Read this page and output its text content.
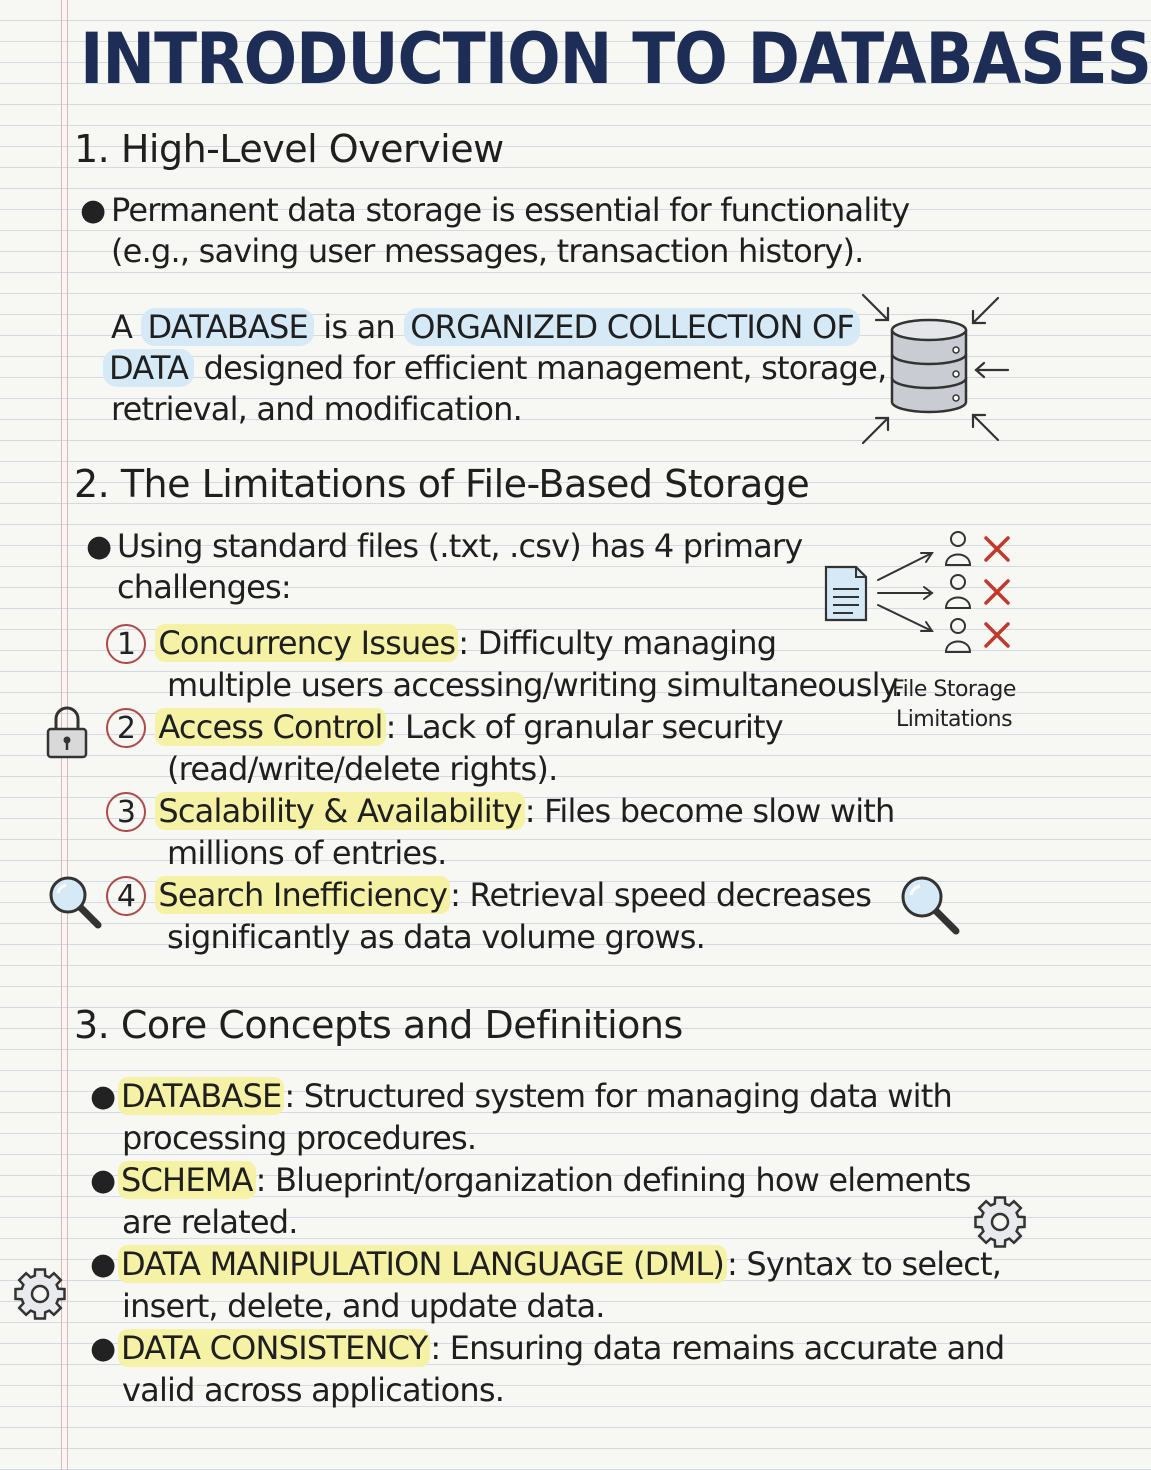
INTRODUCTION TO DATABASES
1. High-Level Overview
● Permanent data storage is essential for functionality
(e.g., saving user messages, transaction history).
A DATABASE is an ORGANIZED COLLECTION OF
DATA designed for efficient management, storage,
retrieval, and modification.
2. The Limitations of File-Based Storage
● Using standard files (.txt, .csv) has 4 primary
challenges:
File Storage
Limitations
1 Concurrency Issues: Difficulty managing
multiple users accessing/writing simultaneously.
2 Access Control: Lack of granular security
(read/write/delete rights).
3 Scalability & Availability: Files become slow with
millions of entries.
4 Search Inefficiency: Retrieval speed decreases
significantly as data volume grows.
3. Core Concepts and Definitions
● DATABASE: Structured system for managing data with
processing procedures.
● SCHEMA: Blueprint/organization defining how elements
are related.
● DATA MANIPULATION LANGUAGE (DML): Syntax to select,
insert, delete, and update data.
● DATA CONSISTENCY: Ensuring data remains accurate and
valid across applications.
